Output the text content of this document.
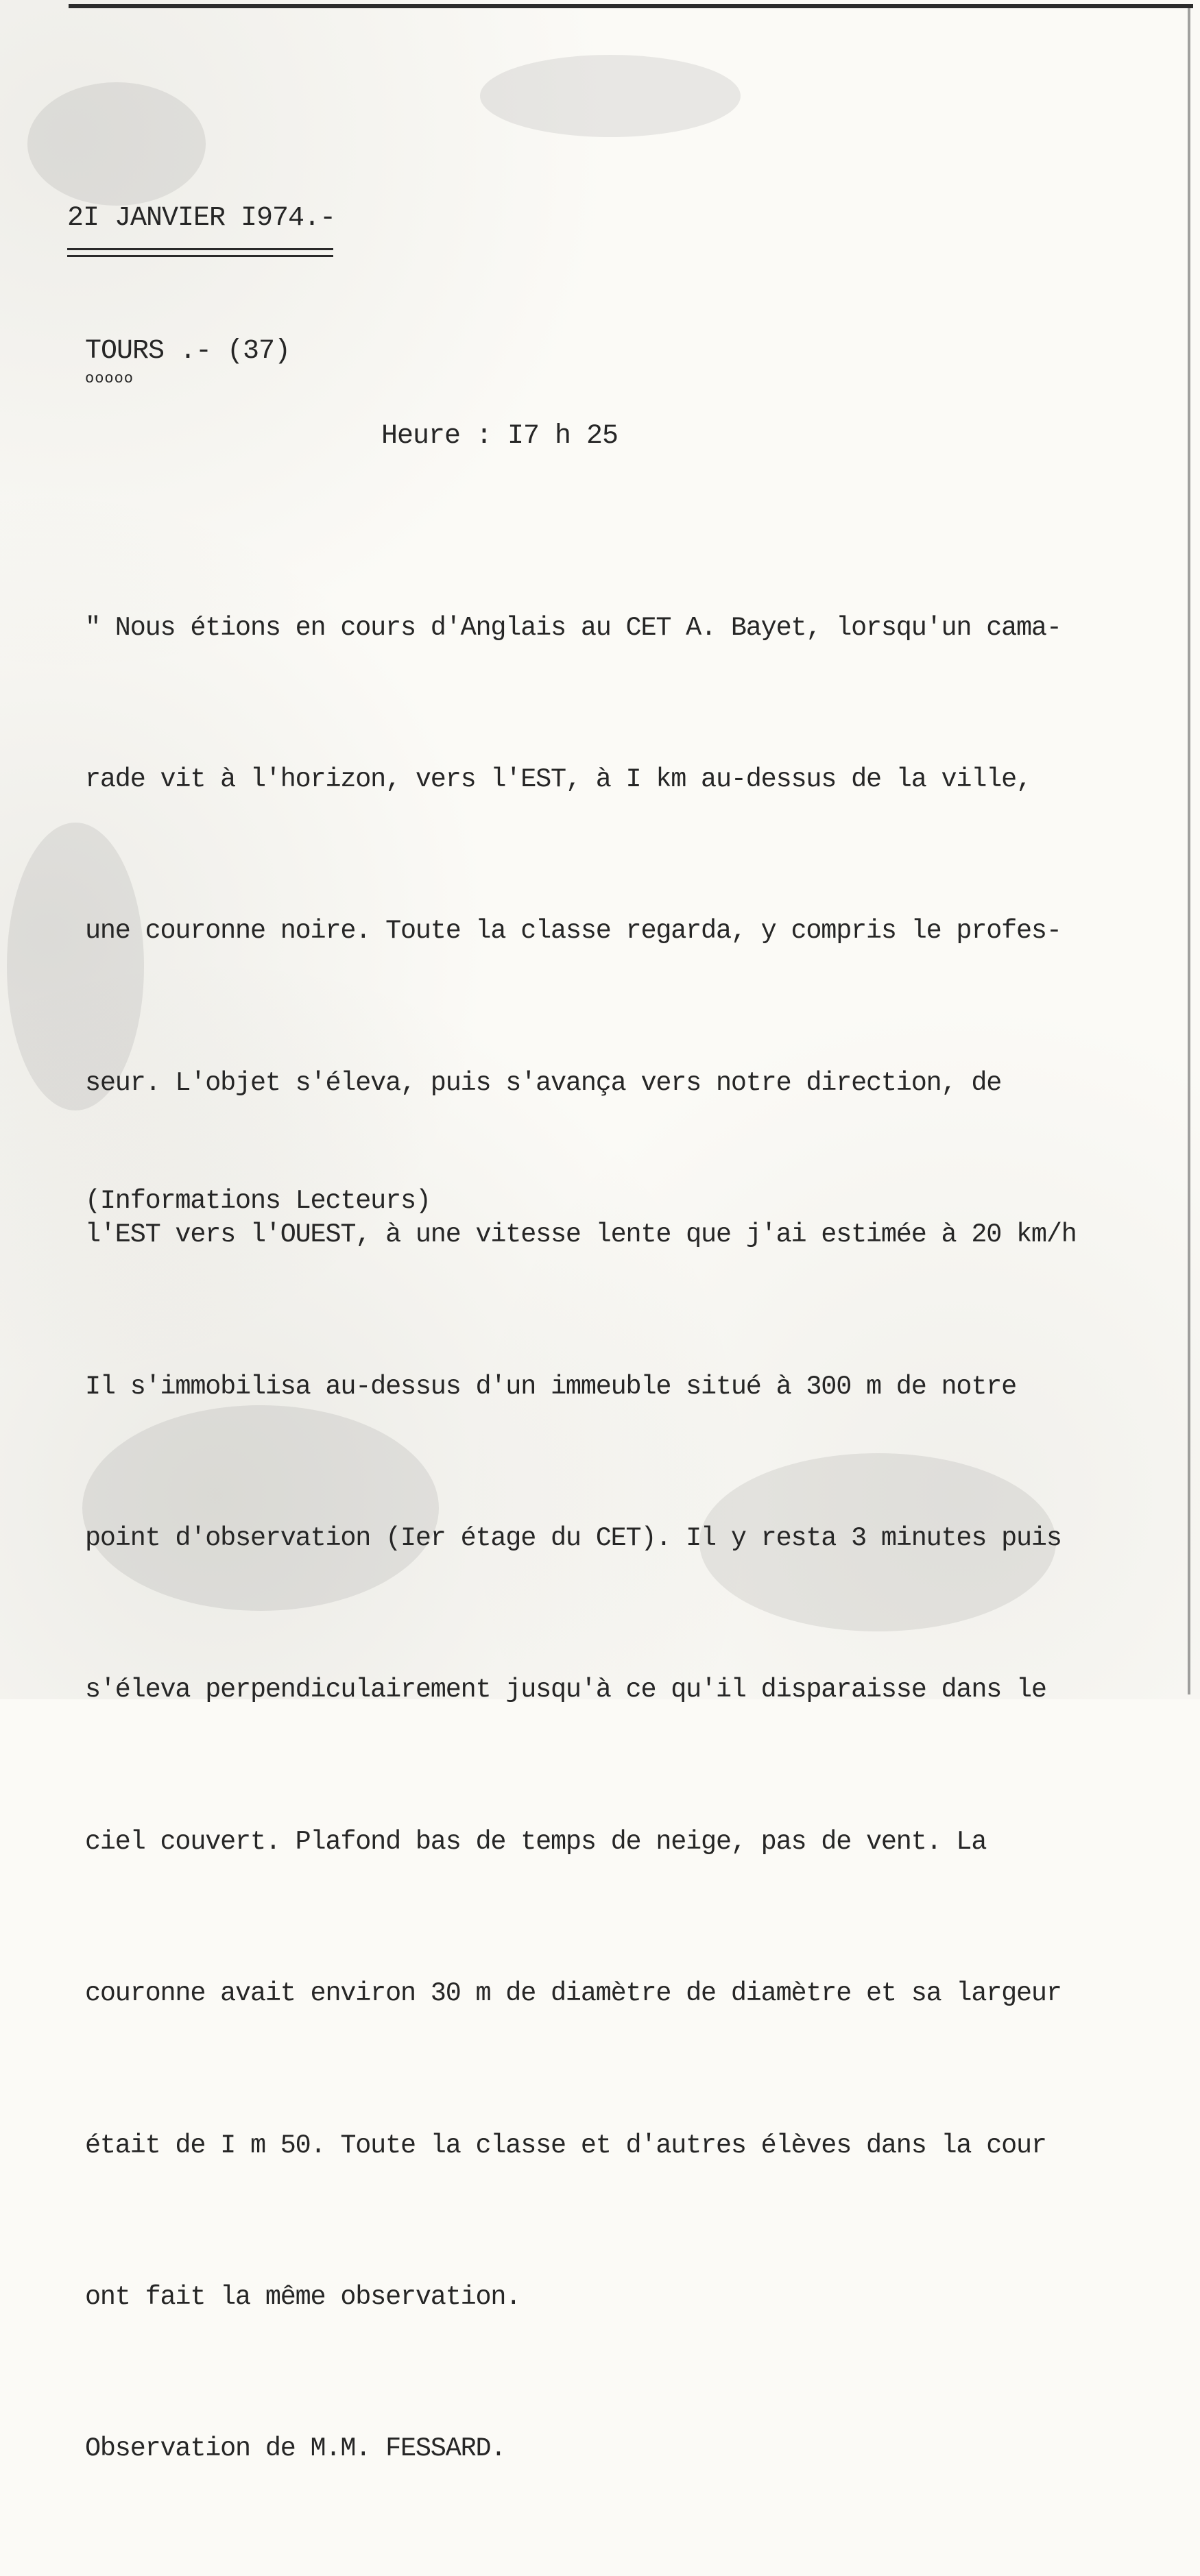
2I JANVIER I974.-
TOURS .- (37)
ooooo
Heure : I7 h 25

" Nous étions en cours d'Anglais au CET A. Bayet, lorsqu'un cama-

rade vit à l'horizon, vers l'EST, à I km au-dessus de la ville,

une couronne noire. Toute la classe regarda, y compris le profes-

seur. L'objet s'éleva, puis s'avança vers notre direction, de

l'EST vers l'OUEST, à une vitesse lente que j'ai estimée à 20 km/h

Il s'immobilisa au-dessus d'un immeuble situé à 300 m de notre

point d'observation (Ier étage du CET). Il y resta 3 minutes puis

s'éleva perpendiculairement jusqu'à ce qu'il disparaisse dans le

ciel couvert. Plafond bas de temps de neige, pas de vent. La

couronne avait environ 30 m de diamètre de diamètre et sa largeur

était de I m 50. Toute la classe et d'autres élèves dans la cour

ont fait la même observation.

Observation de M.M. FESSARD.

(Informations Lecteurs)
